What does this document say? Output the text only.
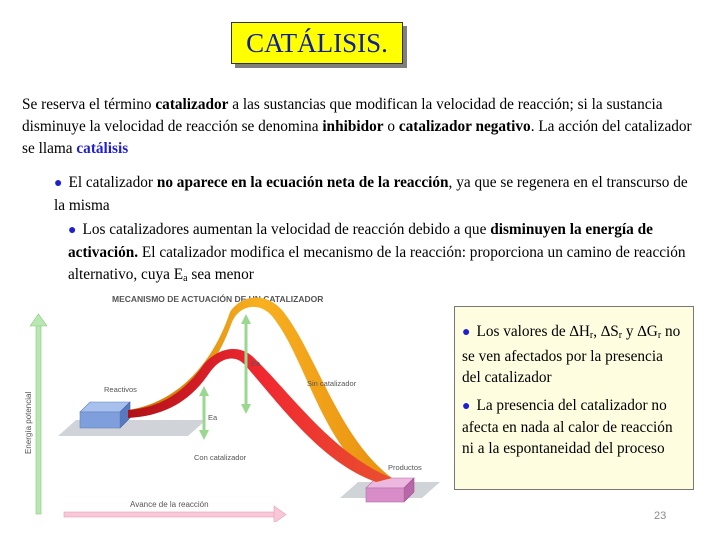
CATÁLISIS.
Se reserva el término catalizador a las sustancias que modifican la velocidad de reacción; si la sustancia disminuye la velocidad de reacción se denomina inhibidor o catalizador negativo. La acción del catalizador se llama catálisis
● El catalizador no aparece en la ecuación neta de la reacción, ya que se regenera en el transcurso de la misma
● Los catalizadores aumentan la velocidad de reacción debido a que disminuyen la energía de activación. El catalizador modifica el mecanismo de la reacción: proporciona un camino de reacción alternativo, cuya $E_a$ sea menor
MECANISMO DE ACTUACIÓN DE UN CATALIZADOR
Energía potencial
Avance de la reacción
Reactivos
Productos
Sin catalizador
Con catalizador
Ea
Ea

● Los valores de $\Delta H_r$, $\Delta S_r$ y $\Delta G_r$ no se ven afectados por la presencia del catalizador

● La presencia del catalizador no afecta en nada al calor de reacción ni a la espontaneidad del proceso

23
